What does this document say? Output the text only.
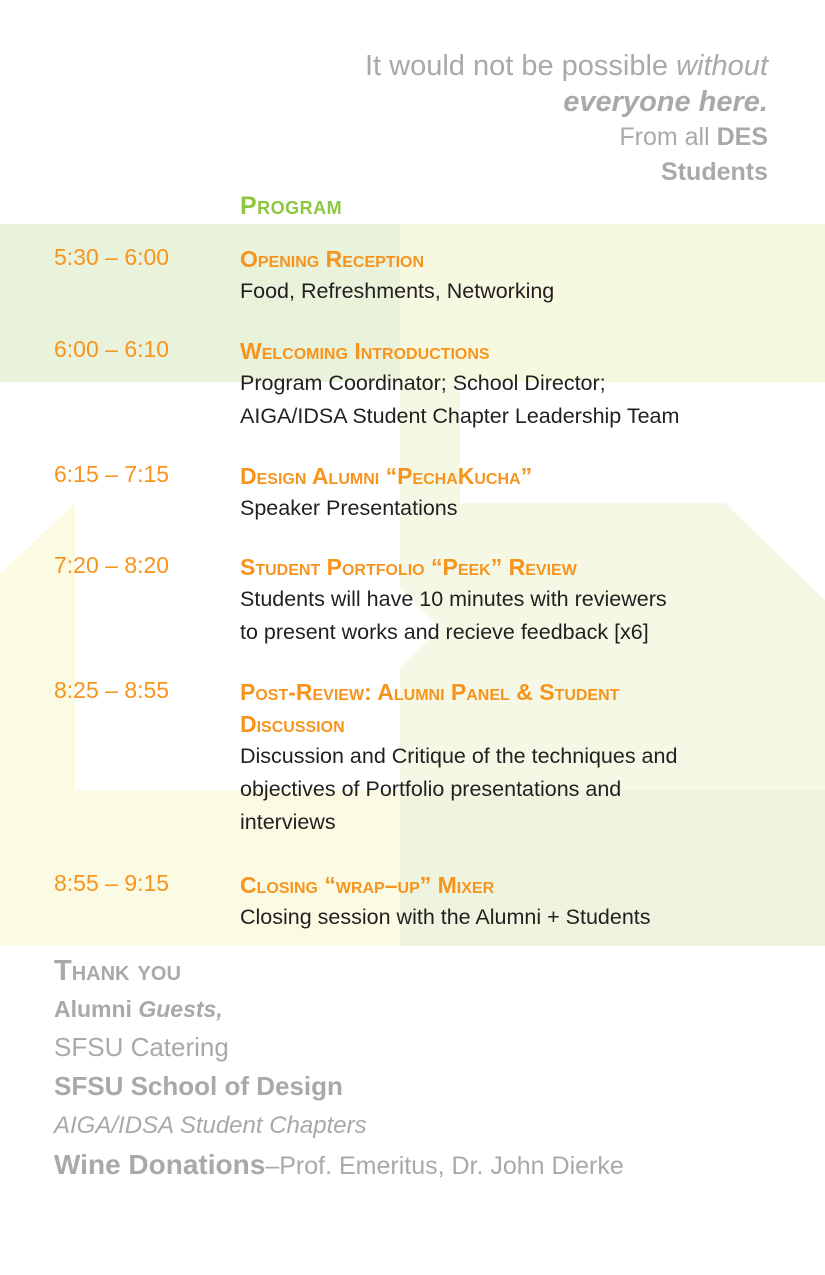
It would not be possible without
everyone here.
From all DES
Students
Program
5:30 – 6:00	Opening Reception

Food, Refreshments, Networking

6:00 – 6:10	Welcoming Introductions

Program Coordinator; School Director;

AIGA/IDSA Student Chapter Leadership Team

6:15 – 7:15	Design Alumni “PechaKucha”

Speaker Presentations

7:20 – 8:20	Student Portfolio “Peek” Review

Students will have 10 minutes with reviewers

to present works and recieve feedback [x6]

8:25 – 8:55	Post-Review: Alumni Panel & Student

Discussion

Discussion and Critique of the techniques and

objectives of Portfolio presentations and

interviews

8:55 – 9:15	Closing “wrap–up” Mixer

Closing session with the Alumni + Students

Thank you
Alumni Guests,
SFSU Catering
SFSU School of Design
AIGA/IDSA Student Chapters
Wine Donations–Prof. Emeritus, Dr. John Dierke
